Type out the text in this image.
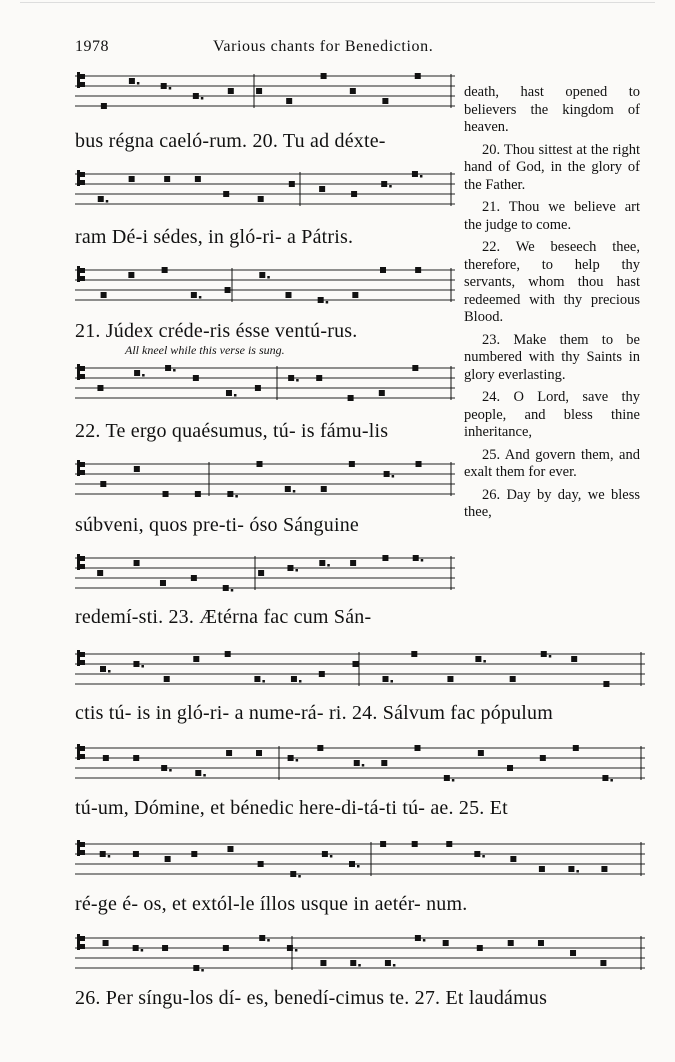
1978	Various chants for Benediction.
bus régna caeló-rum. 20. Tu ad déxte-
ram Dé-i sédes, in gló-ri- a Pátris.
21. Júdex créde-ris ésse ventú-rus.
All kneel while this verse is sung.
22. Te ergo quaésumus, tú- is fámu-lis
súbveni, quos pre-ti- óso Sánguine
redemí-sti. 23. Ætérna fac cum Sán-
ctis tú- is in gló-ri- a nume-rá- ri. 24. Sálvum fac pópulum
tú-um, Dómine, et bénedic here-di-tá-ti tú- ae. 25. Et
ré-ge é- os, et extól-le íllos usque in aetér- num.
26. Per síngu-los dí- es, benedí-cimus te. 27. Et laudámus

death, hast opened to believers the kingdom of heaven.

20. Thou sittest at the right hand of God, in the glory of the Father.

21. Thou we believe art the judge to come.

22. We beseech thee, therefore, to help thy servants, whom thou hast redeemed with thy precious Blood.

23. Make them to be numbered with thy Saints in glory everlasting.

24. O Lord, save thy people, and bless thine inheritance,

25. And govern them, and exalt them for ever.

26. Day by day, we bless thee,
